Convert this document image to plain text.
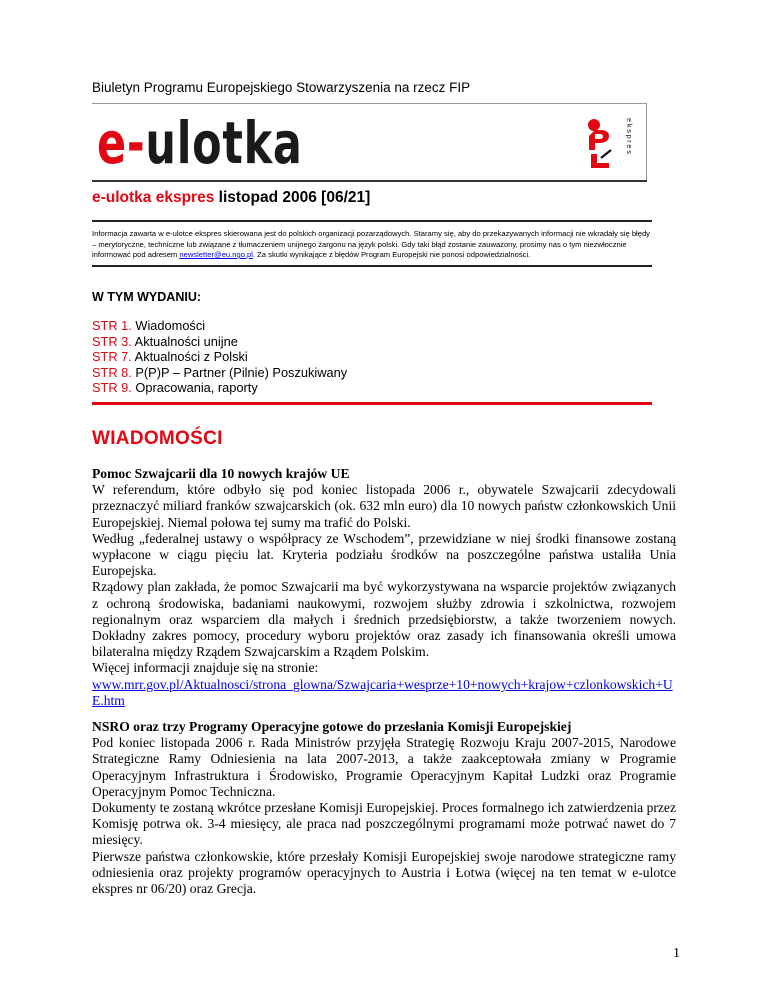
Biuletyn Programu Europejskiego Stowarzyszenia na rzecz FIP
e-ulotka	ekspres
e-ulotka ekspres listopad 2006 [06/21]
Informacja zawarta w e-ulotce ekspres skierowana jest do polskich organizacji pozarządowych. Staramy się, aby do przekazywanych informacji nie wkradały się błędy – merytoryczne, techniczne lub związane z tłumaczeniem unijnego żargonu na język polski. Gdy taki błąd zostanie zauważony, prosimy nas o tym niezwłocznie informować pod adresem newsletter@eu.ngo.pl. Za skutki wynikające z błędów Program Europejski nie ponosi odpowiedzialności.
W TYM WYDANIU:
STR 1. Wiadomości
STR 3. Aktualności unijne
STR 7. Aktualności z Polski
STR 8. P(P)P – Partner (Pilnie) Poszukiwany
STR 9. Opracowania, raporty
WIADOMOŚCI

Pomoc Szwajcarii dla 10 nowych krajów UE

W referendum, które odbyło się pod koniec listopada 2006 r., obywatele Szwajcarii zdecydowali przeznaczyć miliard franków szwajcarskich (ok. 632 mln euro) dla 10 nowych państw członkowskich Unii Europejskiej. Niemal połowa tej sumy ma trafić do Polski.

Według „federalnej ustawy o współpracy ze Wschodem”, przewidziane w niej środki finansowe zostaną wypłacone w ciągu pięciu lat. Kryteria podziału środków na poszczególne państwa ustaliła Unia Europejska.

Rządowy plan zakłada, że pomoc Szwajcarii ma być wykorzystywana na wsparcie projektów związanych z ochroną środowiska, badaniami naukowymi, rozwojem służby zdrowia i szkolnictwa, rozwojem regionalnym oraz wsparciem dla małych i średnich przedsiębiorstw, a także tworzeniem nowych. Dokładny zakres pomocy, procedury wyboru projektów oraz zasady ich finansowania określi umowa bilateralna między Rządem Szwajcarskim a Rządem Polskim.

Więcej informacji znajduje się na stronie:

www.mrr.gov.pl/Aktualnosci/strona_glowna/Szwajcaria+wesprze+10+nowych+krajow+czlonkowskich+UE.htm

NSRO oraz trzy Programy Operacyjne gotowe do przesłania Komisji Europejskiej

Pod koniec listopada 2006 r. Rada Ministrów przyjęła Strategię Rozwoju Kraju 2007-2015, Narodowe Strategiczne Ramy Odniesienia na lata 2007-2013, a także zaakceptowała zmiany w Programie Operacyjnym Infrastruktura i Środowisko, Programie Operacyjnym Kapitał Ludzki oraz Programie Operacyjnym Pomoc Techniczna.

Dokumenty te zostaną wkrótce przesłane Komisji Europejskiej. Proces formalnego ich zatwierdzenia przez Komisję potrwa ok. 3-4 miesięcy, ale praca nad poszczególnymi programami może potrwać nawet do 7 miesięcy.

Pierwsze państwa członkowskie, które przesłały Komisji Europejskiej swoje narodowe strategiczne ramy odniesienia oraz projekty programów operacyjnych to Austria i Łotwa (więcej na ten temat w e-ulotce ekspres nr 06/20) oraz Grecja.

1
